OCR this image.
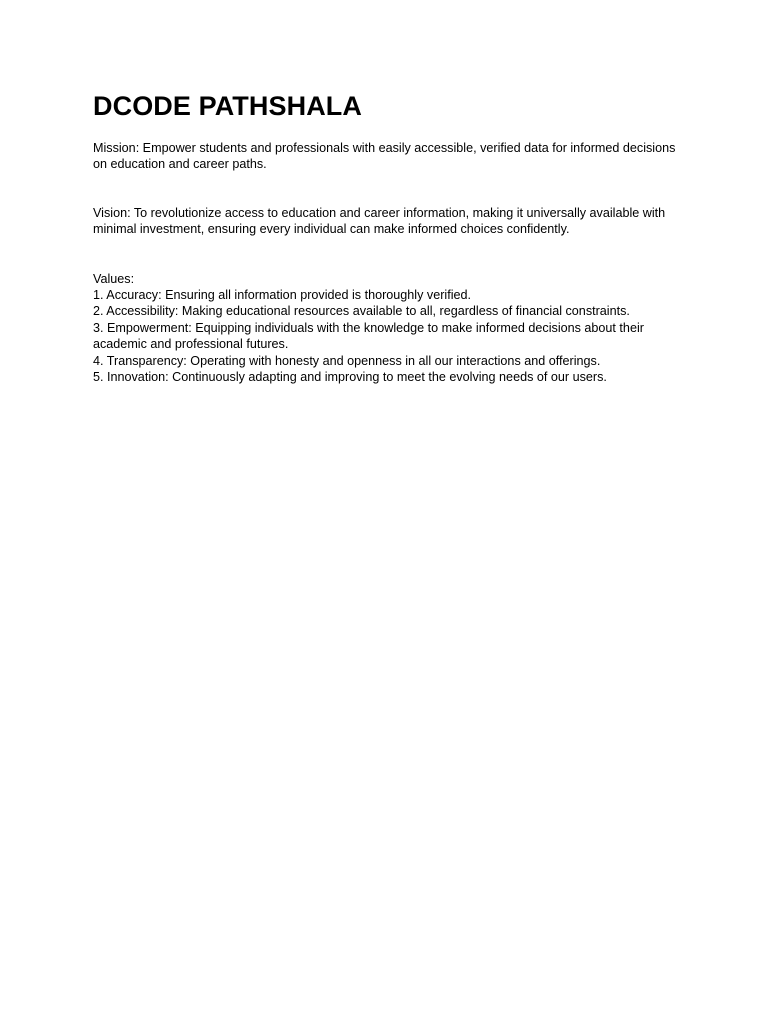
DCODE PATHSHALA

Mission: Empower students and professionals with easily accessible, verified data for informed decisions on education and career paths.

Vision: To revolutionize access to education and career information, making it universally available with minimal investment, ensuring every individual can make informed choices confidently.

Values:

1. Accuracy: Ensuring all information provided is thoroughly verified.
2. Accessibility: Making educational resources available to all, regardless of financial constraints.
3. Empowerment: Equipping individuals with the knowledge to make informed decisions about their academic and professional futures.
4. Transparency: Operating with honesty and openness in all our interactions and offerings.
5. Innovation: Continuously adapting and improving to meet the evolving needs of our users.
